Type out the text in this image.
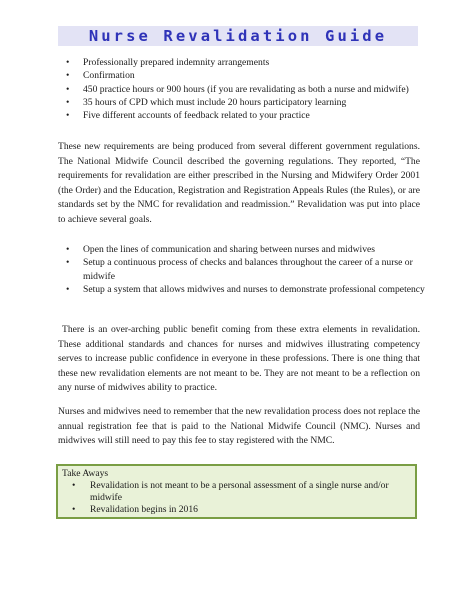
Nurse Revalidation Guide
• Professionally prepared indemnity arrangements
• Confirmation
• 450 practice hours or 900 hours (if you are revalidating as both a nurse and midwife)
• 35 hours of CPD which must include 20 hours participatory learning
• Five different accounts of feedback related to your practice

These new requirements are being produced from several different government regulations. The National Midwife Council described the governing regulations. They reported, “The requirements for revalidation are either prescribed in the Nursing and Midwifery Order 2001 (the Order) and the Education, Registration and Registration Appeals Rules (the Rules), or are standards set by the NMC for revalidation and readmission.” Revalidation was put into place to achieve several goals.

• Open the lines of communication and sharing between nurses and midwives
• Setup a continuous process of checks and balances throughout the career of a nurse or midwife
• Setup a system that allows midwives and nurses to demonstrate professional competency

There is an over-arching public benefit coming from these extra elements in revalidation. These additional standards and chances for nurses and midwives illustrating competency serves to increase public confidence in everyone in these professions. There is one thing that these new revalidation elements are not meant to be. They are not meant to be a reflection on any nurse of midwives ability to practice.

Nurses and midwives need to remember that the new revalidation process does not replace the annual registration fee that is paid to the National Midwife Council (NMC). Nurses and midwives will still need to pay this fee to stay registered with the NMC.

Take Aways
• Revalidation is not meant to be a personal assessment of a single nurse and/or midwife
• Revalidation begins in 2016
